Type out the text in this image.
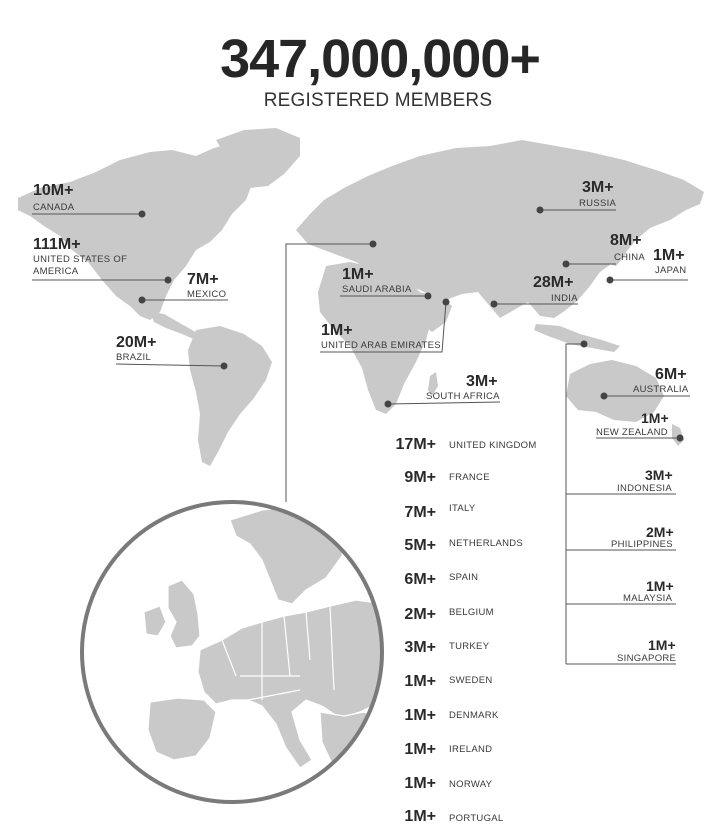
347,000,000+
REGISTERED MEMBERS
10M+
CANADA
111M+
UNITED STATES OF AMERICA	7M+
MEXICO
20M+
BRAZIL
1M+
SAUDI ARABIA
1M+
UNITED ARAB EMIRATES
3M+
SOUTH AFRICA
3M+
RUSSIA
8M+
CHINA 1M+
JAPAN
28M+
INDIA
6M+
AUSTRALIA
1M+
NEW ZEALAND
3M+
INDONESIA
2M+
PHILIPPINES
1M+
MALAYSIA
1M+
SINGAPORE
17M+ UNITED KINGDOM
9M+ FRANCE
7M+ ITALY
5M+ NETHERLANDS
6M+ SPAIN
2M+ BELGIUM
3M+ TURKEY
1M+ SWEDEN
1M+ DENMARK
1M+ IRELAND
1M+ NORWAY
1M+ PORTUGAL
